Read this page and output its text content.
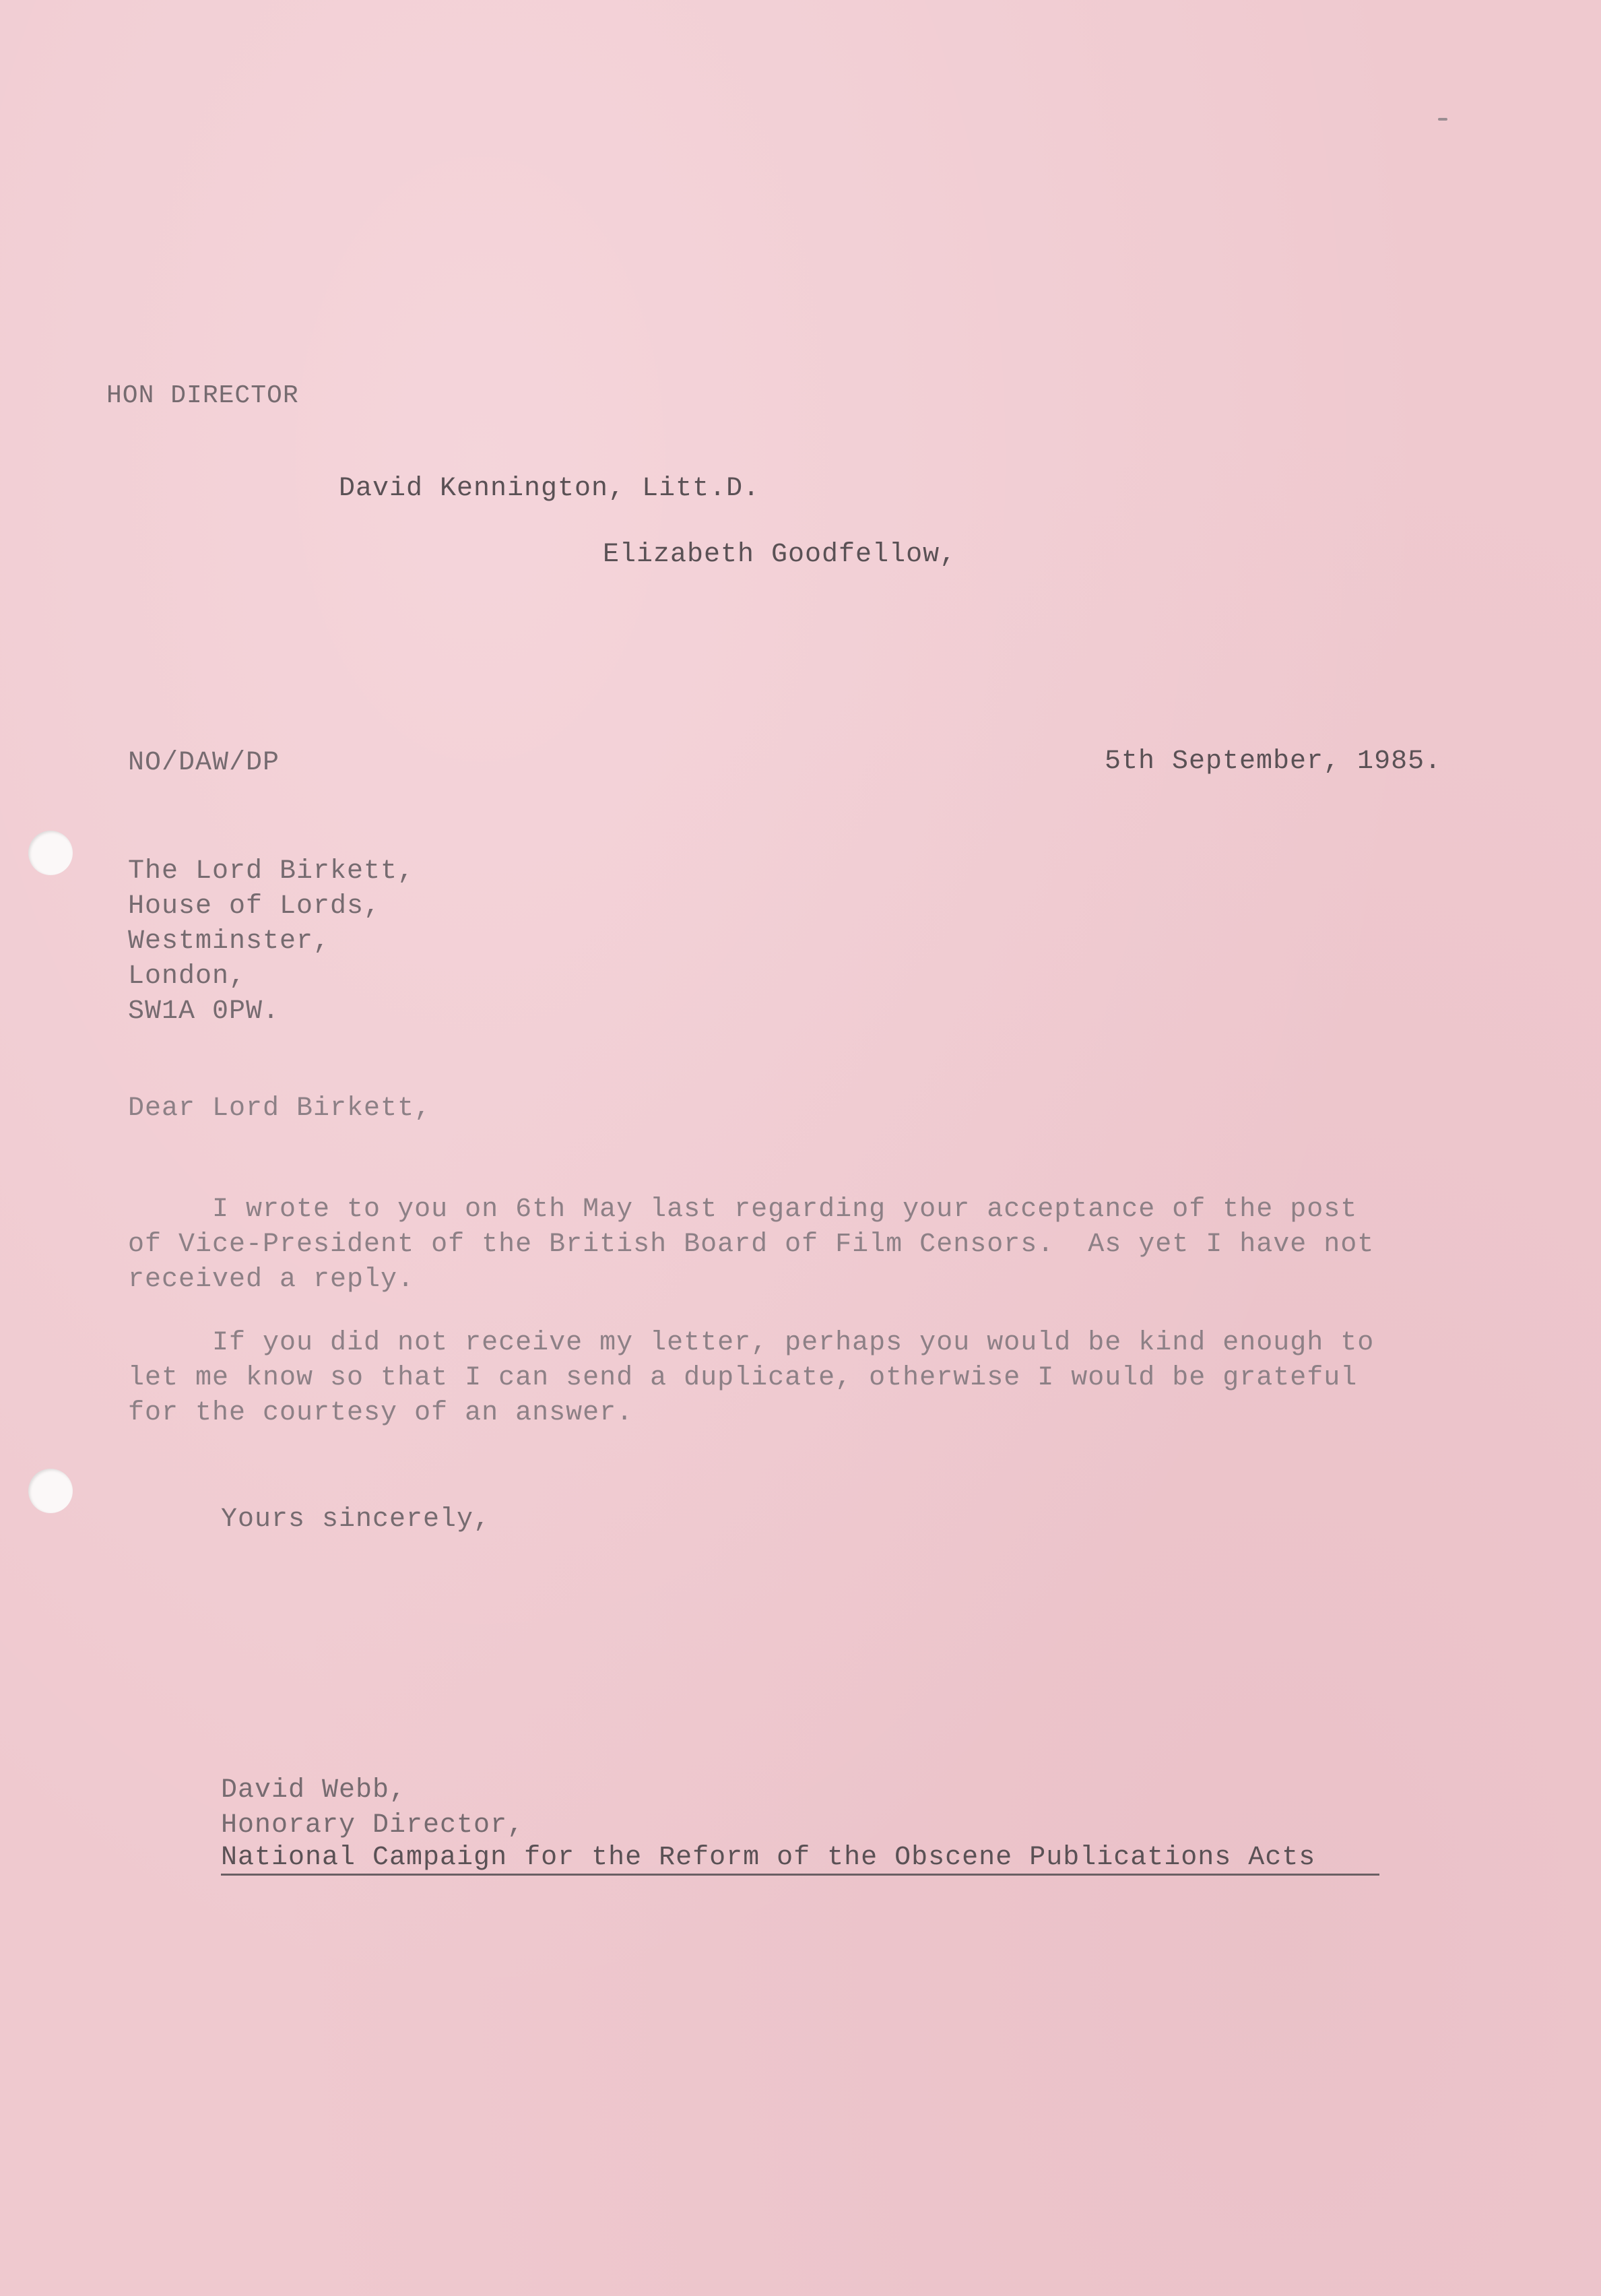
HON DIRECTOR
David Kennington, Litt.D.
Elizabeth Goodfellow,
NO/DAW/DP	5th September, 1985.
The Lord Birkett,
House of Lords,
Westminster,
London,
SW1A 0PW.
Dear Lord Birkett,
I wrote to you on 6th May last regarding your acceptance of the post
of Vice-President of the British Board of Film Censors.  As yet I have not
received a reply.
If you did not receive my letter, perhaps you would be kind enough to
let me know so that I can send a duplicate, otherwise I would be grateful
for the courtesy of an answer.
Yours sincerely,
David Webb,
Honorary Director,
National Campaign for the Reform of the Obscene Publications Acts
